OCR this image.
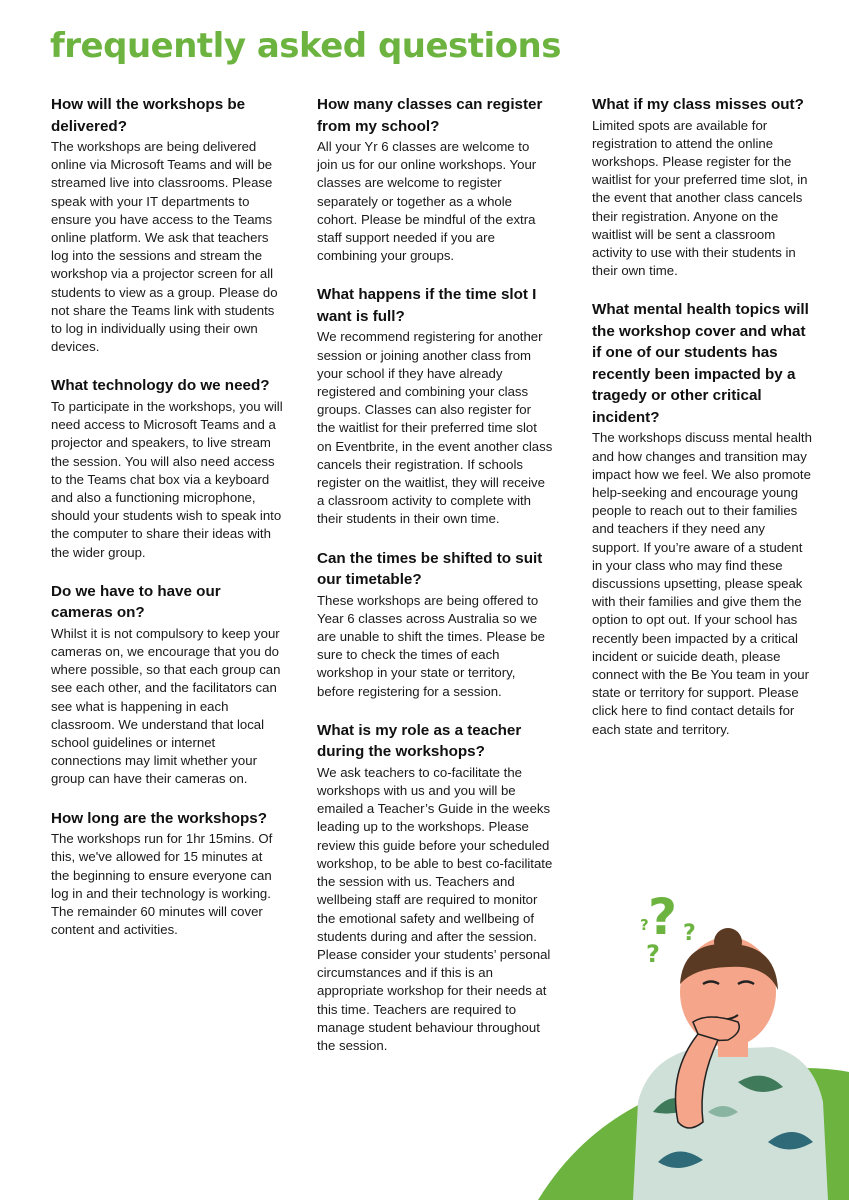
frequently asked questions

How will the workshops be delivered?

The workshops are being delivered online via Microsoft Teams and will be streamed live into classrooms. Please speak with your IT departments to ensure you have access to the Teams online platform. We ask that teachers log into the sessions and stream the workshop via a projector screen for all students to view as a group. Please do not share the Teams link with students to log in individually using their own devices.

What technology do we need?

To participate in the workshops, you will need access to Microsoft Teams and a projector and speakers, to live stream the session. You will also need access to the Teams chat box via a keyboard and also a functioning microphone, should your students wish to speak into the computer to share their ideas with the wider group.

Do we have to have our cameras on?

Whilst it is not compulsory to keep your cameras on, we encourage that you do where possible, so that each group can see each other, and the facilitators can see what is happening in each classroom. We understand that local school guidelines or internet connections may limit whether your group can have their cameras on.

How long are the workshops?

The workshops run for 1hr 15mins. Of this, we've allowed for 15 minutes at the beginning to ensure everyone can log in and their technology is working. The remainder 60 minutes will cover content and activities.

How many classes can register from my school?

All your Yr 6 classes are welcome to join us for our online workshops. Your classes are welcome to register separately or together as a whole cohort. Please be mindful of the extra staff support needed if you are combining your groups.

What happens if the time slot I want is full?

We recommend registering for another session or joining another class from your school if they have already registered and combining your class groups. Classes can also register for the waitlist for their preferred time slot on Eventbrite, in the event another class cancels their registration. If schools register on the waitlist, they will receive a classroom activity to complete with their students in their own time.

Can the times be shifted to suit our timetable?

These workshops are being offered to Year 6 classes across Australia so we are unable to shift the times. Please be sure to check the times of each workshop in your state or territory, before registering for a session.

What is my role as a teacher during the workshops?

We ask teachers to co-facilitate the workshops with us and you will be emailed a Teacher’s Guide in the weeks leading up to the workshops. Please review this guide before your scheduled workshop, to be able to best co-facilitate the session with us. Teachers and wellbeing staff are required to monitor the emotional safety and wellbeing of students during and after the session. Please consider your students’ personal circumstances and if this is an appropriate workshop for their needs at this time. Teachers are required to manage student behaviour throughout the session.

What if my class misses out?

Limited spots are available for registration to attend the online workshops. Please register for the waitlist for your preferred time slot, in the event that another class cancels their registration. Anyone on the waitlist will be sent a classroom activity to use with their students in their own time.

What mental health topics will the workshop cover and what if one of our students has recently been impacted by a tragedy or other critical incident?

The workshops discuss mental health and how changes and transition may impact how we feel. We also promote help-seeking and encourage young people to reach out to their families and teachers if they need any support. If you’re aware of a student in your class who may find these discussions upsetting, please speak with their families and give them the option to opt out. If your school has recently been impacted by a critical incident or suicide death, please connect with the Be You team in your state or territory for support. Please click here to find contact details for each state and territory.

?
? ?
?
